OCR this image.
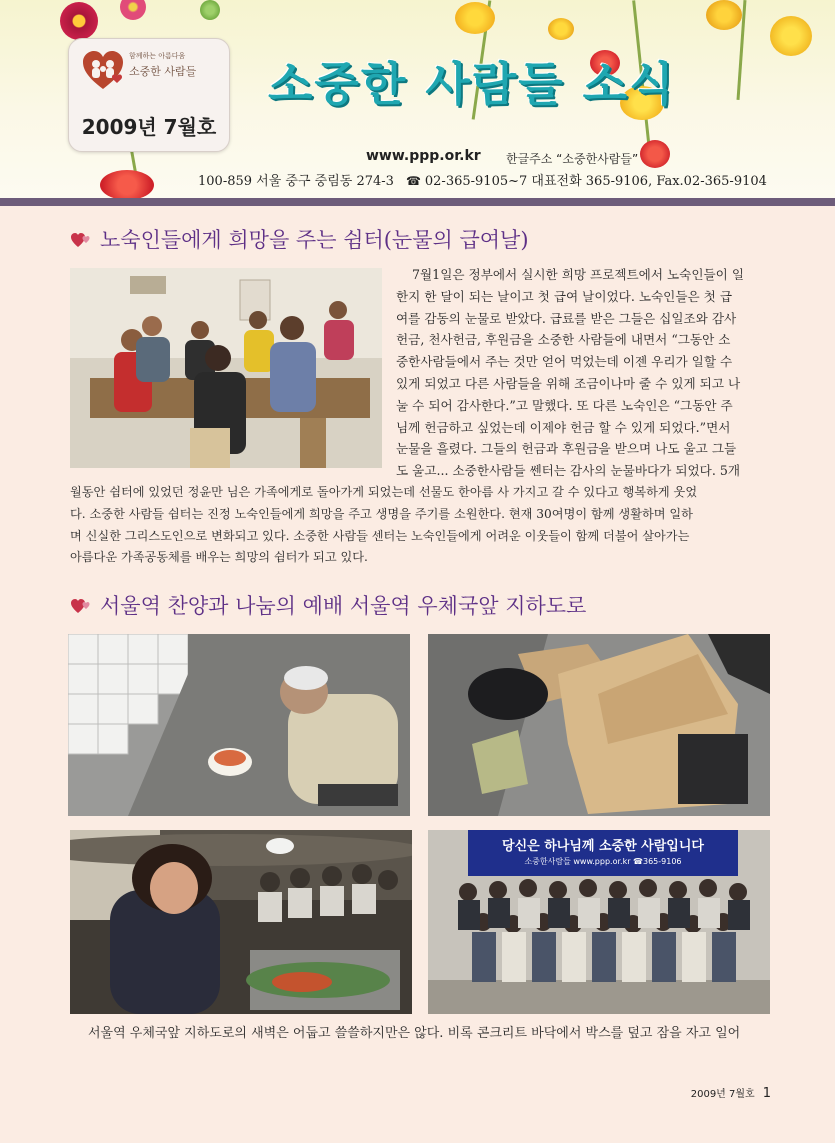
함께하는 아름다움
소중한 사람들
2009년 7월호
소중한 사람들 소식
www.ppp.or.kr 한글주소 “소중한사람들”
100-859 서울 중구 중림동 274-3 ☎ 02-365-9105~7 대표전화 365-9106, Fax.02-365-9104
노숙인들에게 희망을 주는 쉼터(눈물의 급여날)

7월1일은 정부에서 실시한 희망 프로젝트에서 노숙인들이 일

한지 한 달이 되는 날이고 첫 급여 날이었다. 노숙인들은 첫 급

여를 감동의 눈물로 받았다. 급료를 받은 그들은 십일조와 감사

헌금, 천사헌금, 후원금을 소중한 사람들에 내면서 “그동안 소

중한사람들에서 주는 것만 얻어 먹었는데 이젠 우리가 일할 수

있게 되었고 다른 사람들을 위해 조금이나마 줄 수 있게 되고 나

눌 수 되어 감사한다.”고 말했다. 또 다른 노숙인은 “그동안 주

님께 헌금하고 싶었는데 이제야 헌금 할 수 있게 되었다.”면서

눈물을 흘렸다. 그들의 헌금과 후원금을 받으며 나도 울고 그들

도 울고... 소중한사람들 쎈터는 감사의 눈물바다가 되었다. 5개

월동안 쉼터에 있었던 정윤만 님은 가족에게로 돌아가게 되었는데 선물도 한아름 사 가지고 갈 수 있다고 행복하게 웃었

다. 소중한 사람들 쉼터는 진정 노숙인들에게 희망을 주고 생명을 주기를 소원한다. 현재 30여명이 함께 생활하며 일하

며 신실한 그리스도인으로 변화되고 있다. 소중한 사람들 센터는 노숙인들에게 어려운 이웃들이 함께 더불어 살아가는

아름다운 가족공동체를 배우는 희망의 쉼터가 되고 있다.

서울역 찬양과 나눔의 예배 서울역 우체국앞 지하도로
당신은 하나님께 소중한 사람입니다
소중한사람들 www.ppp.or.kr ☎365-9106
서울역 우체국앞 지하도로의 새벽은 어둡고 쓸쓸하지만은 않다. 비록 콘크리트 바닥에서 박스를 덮고 잠을 자고 일어
2009년 7월호 1
